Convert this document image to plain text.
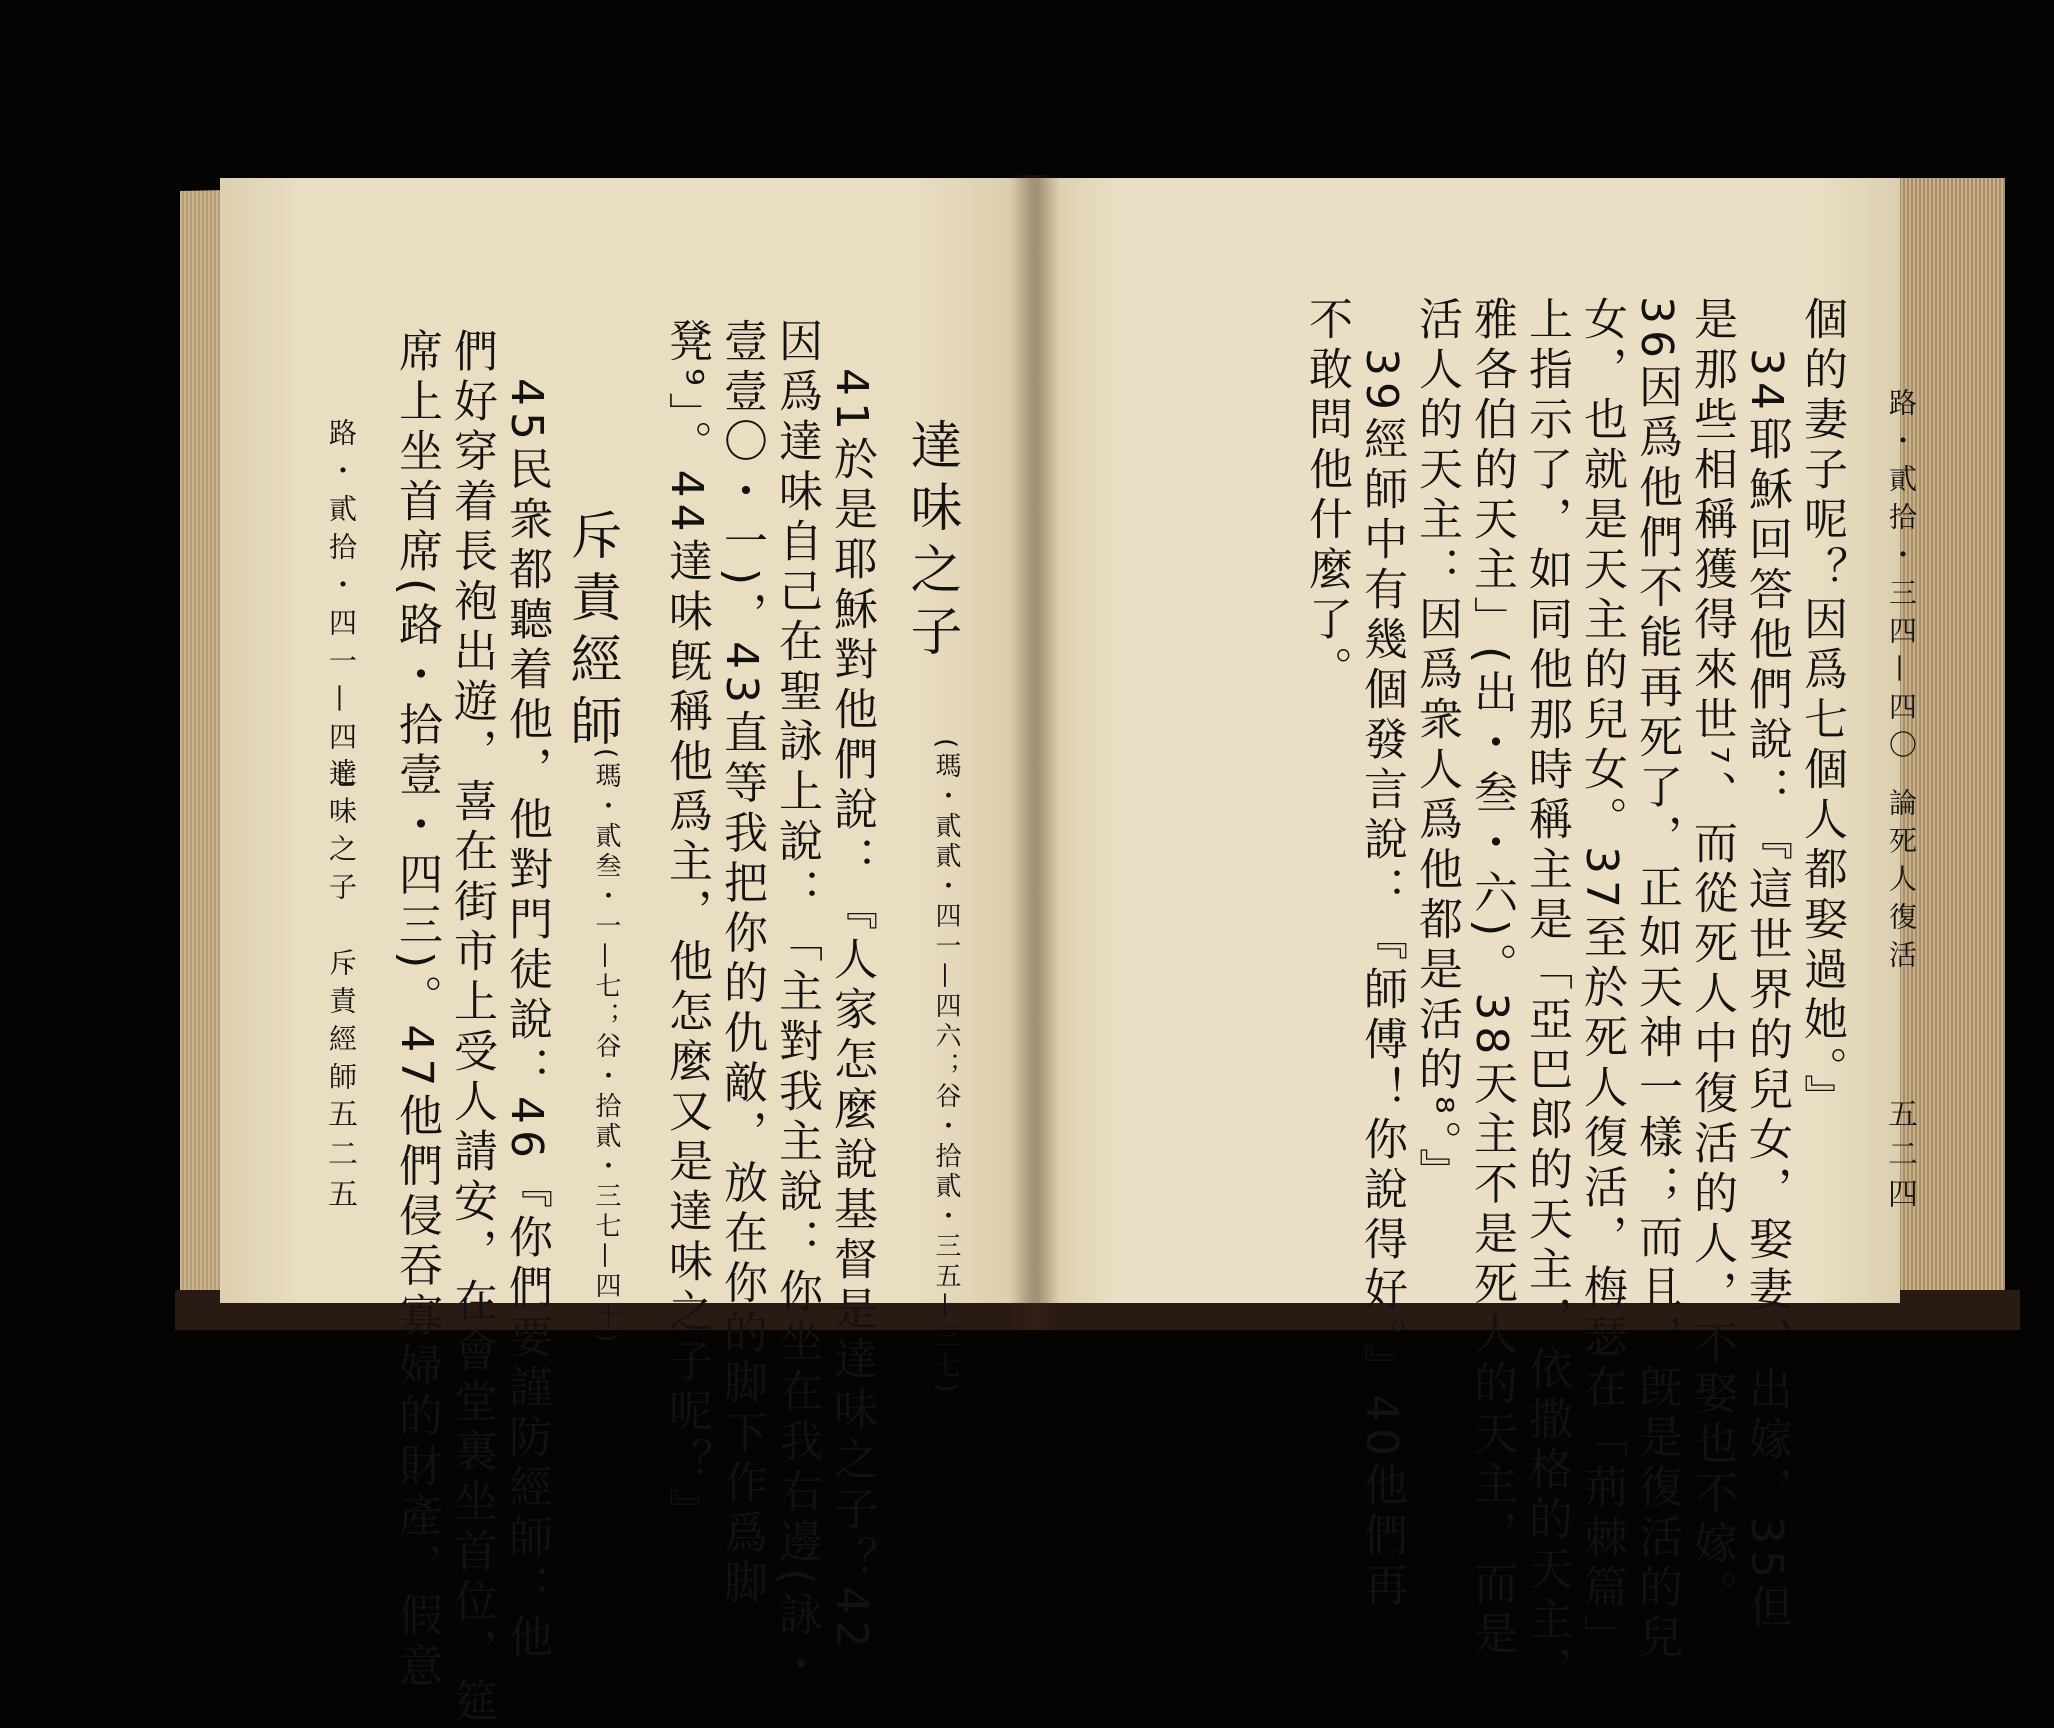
路・貳拾・三四—四〇
論死人復活
五二四
個的妻子呢？因爲七個人都娶過她。』
34耶穌回答他們說：『這世界的兒女，娶妻、出嫁，35但
是那些相稱獲得來世⁷、而從死人中復活的人，不娶也不嫁。
36因爲他們不能再死了，正如天神一樣；而且，旣是復活的兒
女，也就是天主的兒女。37至於死人復活，梅瑟在「荊棘篇」
上指示了，如同他那時稱主是「亞巴郎的天主，依撒格的天主，
雅各伯的天主」(出・叁・六)。38天主不是死人的天主，而是
活人的天主：因爲衆人爲他都是活的⁸。』
39經師中有幾個發言說：『師傅！你說得好。』40他們再
不敢問他什麼了。
達味之子
(瑪・貳貳・四一—四六；谷・拾貳・三五—三七)
41於是耶穌對他們說：『人家怎麼說基督是達味之子？42
因爲達味自己在聖詠上說：「主對我主說：你坐在我右邊(詠・
壹壹〇・一)，43直等我把你的仇敵，放在你的脚下作爲脚
凳⁹」。44達味旣稱他爲主，他怎麼又是達味之子呢？』
斥責經師
(瑪・貳叁・一—七；谷・拾貳・三七—四十)
45民衆都聽着他，他對門徒說：46『你們要謹防經師：他
們好穿着長袍出遊，喜在街市上受人請安，在會堂裏坐首位，筵
席上坐首席(路・拾壹・四三)。47他們侵吞寡婦的財產，假意
路・貳拾・四一—四七
達味之子　斥責經師
五二五
